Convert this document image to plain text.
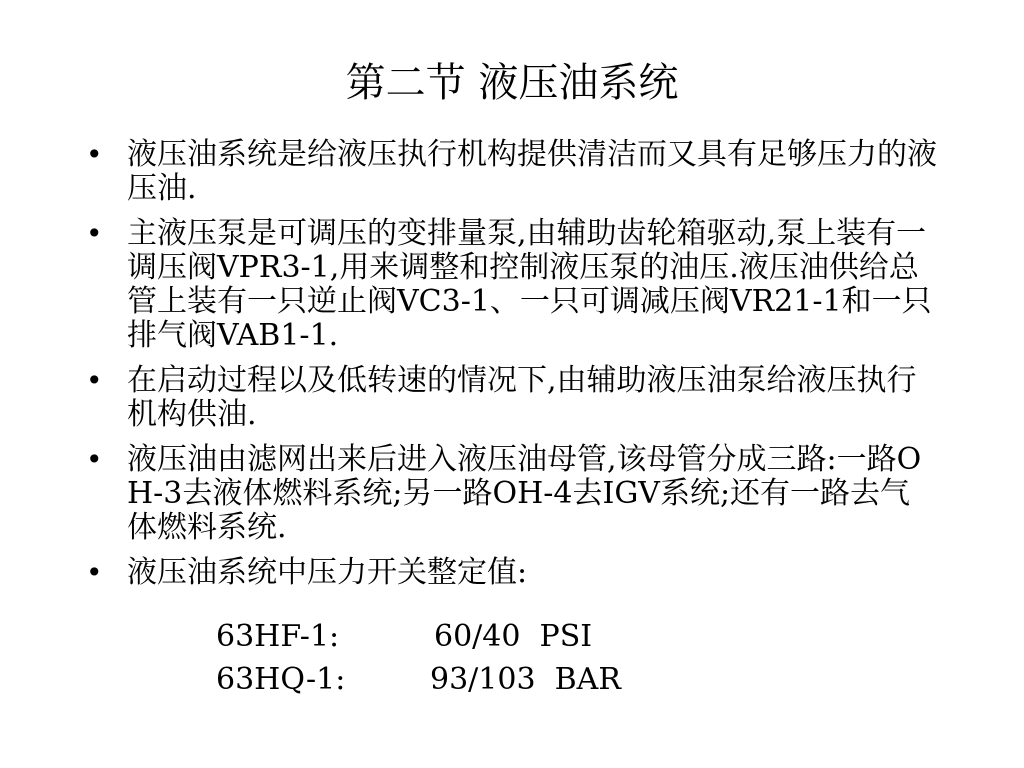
第二节 液压油系统
• 液压油系统是给液压执行机构提供清洁而又具有足够压力的液压油.
• 主液压泵是可调压的变排量泵,由辅助齿轮箱驱动,泵上装有一调压阀VPR3-1,用来调整和控制液压泵的油压.液压油供给总管上装有一只逆止阀VC3-1、一只可调减压阀VR21-1和一只排气阀VAB1-1.
• 在启动过程以及低转速的情况下,由辅助液压油泵给液压执行机构供油.
• 液压油由滤网出来后进入液压油母管,该母管分成三路:一路OH-3去液体燃料系统;另一路OH-4去IGV系统;还有一路去气体燃料系统.
• 液压油系统中压力开关整定值:
63HF-1:	60/40  PSI
63HQ-1:	93/103  BAR
